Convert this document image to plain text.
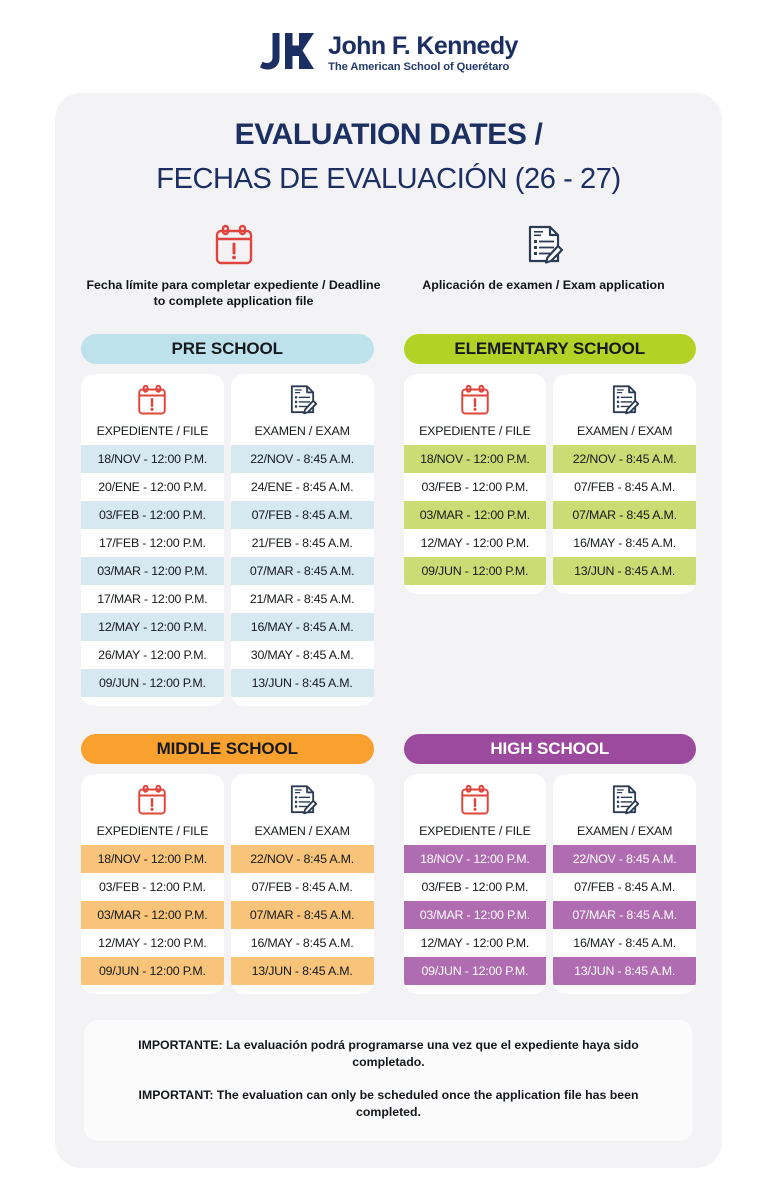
John F. Kennedy
The American School of Querétaro
EVALUATION DATES /
FECHAS DE EVALUACIÓN (26 - 27)
Fecha límite para completar expediente / Deadline to complete application file
Aplicación de examen / Exam application
PRE SCHOOL
EXPEDIENTE / FILE
18/NOV - 12:00 P.M.
20/ENE - 12:00 P.M.
03/FEB - 12:00 P.M.
17/FEB - 12:00 P.M.
03/MAR - 12:00 P.M.
17/MAR - 12:00 P.M.
12/MAY - 12:00 P.M.
26/MAY - 12:00 P.M.
09/JUN - 12:00 P.M.
EXAMEN / EXAM
22/NOV - 8:45 A.M.
24/ENE - 8:45 A.M.
07/FEB - 8:45 A.M.
21/FEB - 8:45 A.M.
07/MAR - 8:45 A.M.
21/MAR - 8:45 A.M.
16/MAY - 8:45 A.M.
30/MAY - 8:45 A.M.
13/JUN - 8:45 A.M.
ELEMENTARY SCHOOL
EXPEDIENTE / FILE
18/NOV - 12:00 P.M.
03/FEB - 12:00 P.M.
03/MAR - 12:00 P.M.
12/MAY - 12:00 P.M.
09/JUN - 12:00 P.M.
EXAMEN / EXAM
22/NOV - 8:45 A.M.
07/FEB - 8:45 A.M.
07/MAR - 8:45 A.M.
16/MAY - 8:45 A.M.
13/JUN - 8:45 A.M.
MIDDLE SCHOOL
EXPEDIENTE / FILE
18/NOV - 12:00 P.M.
03/FEB - 12:00 P.M.
03/MAR - 12:00 P.M.
12/MAY - 12:00 P.M.
09/JUN - 12:00 P.M.
EXAMEN / EXAM
22/NOV - 8:45 A.M.
07/FEB - 8:45 A.M.
07/MAR - 8:45 A.M.
16/MAY - 8:45 A.M.
13/JUN - 8:45 A.M.
HIGH SCHOOL
EXPEDIENTE / FILE
18/NOV - 12:00 P.M.
03/FEB - 12:00 P.M.
03/MAR - 12:00 P.M.
12/MAY - 12:00 P.M.
09/JUN - 12:00 P.M.
EXAMEN / EXAM
22/NOV - 8:45 A.M.
07/FEB - 8:45 A.M.
07/MAR - 8:45 A.M.
16/MAY - 8:45 A.M.
13/JUN - 8:45 A.M.

IMPORTANTE: La evaluación podrá programarse una vez que el expediente haya sido completado.

IMPORTANT: The evaluation can only be scheduled once the application file has been completed.
